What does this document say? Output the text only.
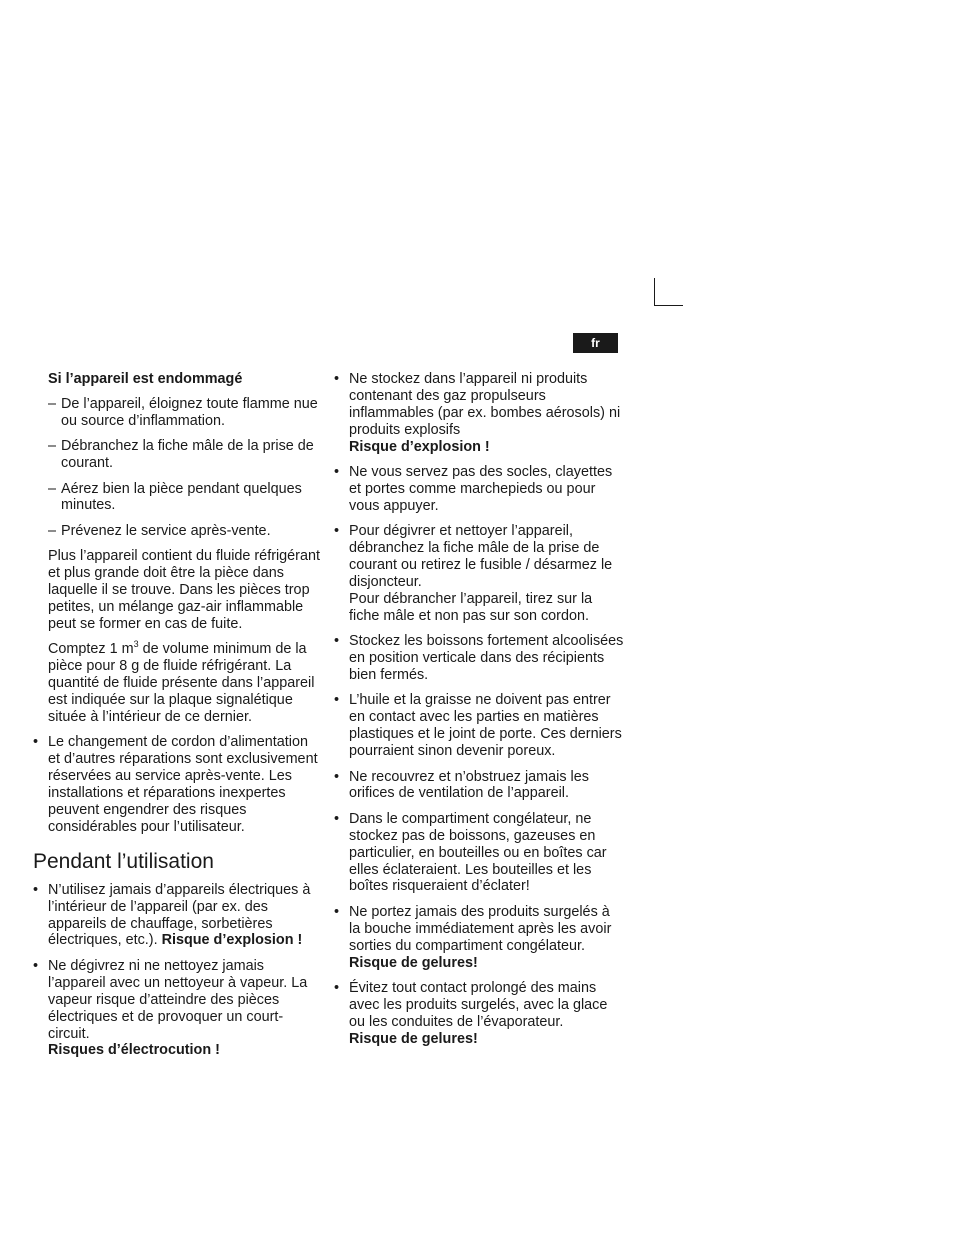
fr

Si l’appareil est endommagé

– De l’appareil, éloignez toute flamme nue ou source d’inflammation.

– Débranchez la fiche mâle de la prise de courant.

– Aérez bien la pièce pendant quelques minutes.

– Prévenez le service après-vente.

Plus l’appareil contient du fluide réfrigérant et plus grande doit être la pièce dans laquelle il se trouve. Dans les pièces trop petites, un mélange gaz-air inflammable peut se former en cas de fuite.

Comptez 1 $m^3$ de volume minimum de la pièce pour 8 g de fluide réfrigérant. La quantité de fluide présente dans l’appareil est indiquée sur la plaque signalétique située à l’intérieur de ce dernier.

• Le changement de cordon d’alimentation et d’autres réparations sont exclusivement réservées au service après-vente. Les installations et réparations inexpertes peuvent engendrer des risques considérables pour l’utilisateur.

Pendant l’utilisation

• N’utilisez jamais d’appareils électriques à l’intérieur de l’appareil (par ex. des appareils de chauffage, sorbetières électriques, etc.). Risque d’explosion !

• Ne dégivrez ni ne nettoyez jamais l’appareil avec un nettoyeur à vapeur. La vapeur risque d’atteindre des pièces électriques et de provoquer un court-circuit.
Risques d’électrocution !

• Ne stockez dans l’appareil ni produits contenant des gaz propulseurs inflammables (par ex. bombes aérosols) ni produits explosifs
Risque d’explosion !

• Ne vous servez pas des socles, clayettes et portes comme marchepieds ou pour vous appuyer.

• Pour dégivrer et nettoyer l’appareil, débranchez la fiche mâle de la prise de courant ou retirez le fusible / désarmez le disjoncteur.
Pour débrancher l’appareil, tirez sur la fiche mâle et non pas sur son cordon.

• Stockez les boissons fortement alcoolisées en position verticale dans des récipients bien fermés.

• L’huile et la graisse ne doivent pas entrer en contact avec les parties en matières plastiques et le joint de porte. Ces derniers pourraient sinon devenir poreux.

• Ne recouvrez et n’obstruez jamais les orifices de ventilation de l’appareil.

• Dans le compartiment congélateur, ne stockez pas de boissons, gazeuses en particulier, en bouteilles ou en boîtes car elles éclateraient. Les bouteilles et les boîtes risqueraient d’éclater!

• Ne portez jamais des produits surgelés à la bouche immédiatement après les avoir sorties du compartiment congélateur.
Risque de gelures!

• Évitez tout contact prolongé des mains avec les produits surgelés, avec la glace ou les conduites de l’évaporateur.
Risque de gelures!
